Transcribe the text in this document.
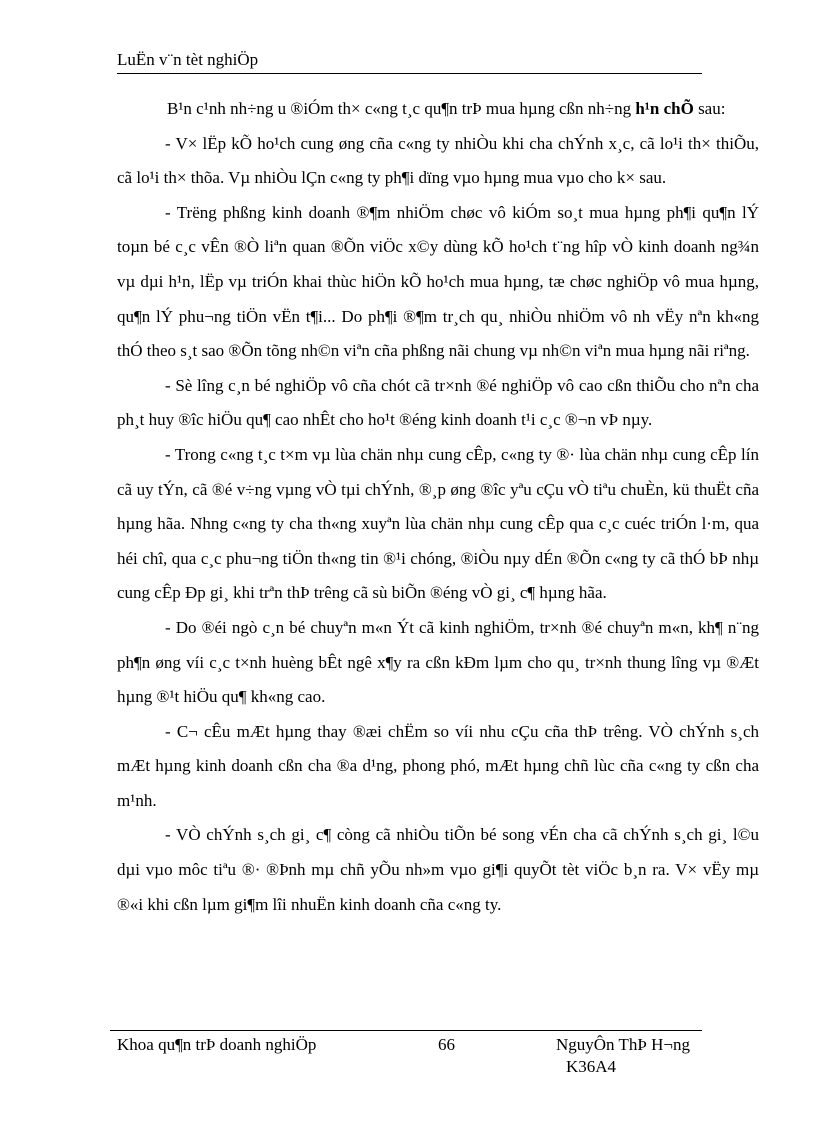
LuËn v¨n tèt nghiÖp

B¹n c¹nh nh÷ng u ®iÓm th× c«ng t¸c qu¶n trÞ mua hµng cßn nh÷ng h¹n chÕ sau:

- V× lËp kÕ ho¹ch cung øng cña c«ng ty nhiÒu khi cha chÝnh x¸c, cã lo¹i th× thiÕu, cã lo¹i th× thõa. Vµ nhiÒu lÇn c«ng ty ph¶i dïng vµo hµng mua vµo cho k× sau.

- Trëng phßng kinh doanh ®¶m nhiÖm chøc vô kiÓm so¸t mua hµng ph¶i qu¶n lÝ toµn bé c¸c vÊn ®Ò liªn quan ®Õn viÖc x©y dùng kÕ ho¹ch t¨ng hîp vÒ kinh doanh ng¾n vµ dµi h¹n, lËp vµ triÓn khai thùc hiÖn kÕ ho¹ch mua hµng, tæ chøc nghiÖp vô mua hµng, qu¶n lÝ phu¬ng tiÖn vËn t¶i... Do ph¶i ®¶m tr¸ch qu¸ nhiÒu nhiÖm vô nh vËy nªn kh«ng thÓ theo s¸t sao ®Õn tõng nh©n viªn cña phßng nãi chung vµ nh©n viªn mua hµng nãi riªng.

- Sè lîng c¸n bé nghiÖp vô cña chót cã tr×nh ®é nghiÖp vô cao cßn thiÕu cho nªn cha ph¸t huy ®îc hiÖu qu¶ cao nhÊt cho ho¹t ®éng kinh doanh t¹i c¸c ®¬n vÞ nµy.

- Trong c«ng t¸c t×m vµ lùa chän nhµ cung cÊp, c«ng ty ®· lùa chän nhµ cung cÊp lín cã uy tÝn, cã ®é v÷ng vµng vÒ tµi chÝnh, ®¸p øng ®îc yªu cÇu vÒ tiªu chuÈn, kü thuËt cña hµng hãa. Nhng c«ng ty cha th«ng xuyªn lùa chän nhµ cung cÊp qua c¸c cuéc triÓn l·m, qua héi chî, qua c¸c phu¬ng tiÖn th«ng tin ®¹i chóng, ®iÒu nµy dÉn ®Õn c«ng ty cã thÓ bÞ nhµ cung cÊp Ðp gi¸ khi trªn thÞ trêng cã sù biÕn ®éng vÒ gi¸ c¶ hµng hãa.

- Do ®éi ngò c¸n bé chuyªn m«n Ýt cã kinh nghiÖm, tr×nh ®é chuyªn m«n, kh¶ n¨ng ph¶n øng víi c¸c t×nh huèng bÊt ngê x¶y ra cßn kÐm lµm cho qu¸ tr×nh thung lîng vµ ®Æt hµng ®¹t hiÖu qu¶ kh«ng cao.

- C¬ cÊu mÆt hµng thay ®æi chËm so víi nhu cÇu cña thÞ trêng. VÒ chÝnh s¸ch mÆt hµng kinh doanh cßn cha ®a d¹ng, phong phó, mÆt hµng chñ lùc cña c«ng ty cßn cha m¹nh.

- VÒ chÝnh s¸ch gi¸ c¶ còng cã nhiÒu tiÕn bé song vÉn cha cã chÝnh s¸ch gi¸ l©u dµi vµo môc tiªu ®· ®Þnh mµ chñ yÕu nh»m vµo gi¶i quyÕt tèt viÖc b¸n ra. V× vËy mµ ®«i khi cßn lµm gi¶m lîi nhuËn kinh doanh cña c«ng ty.

Khoa qu¶n trÞ doanh nghiÖp	66	NguyÔn ThÞ H¬ng
K36A4
